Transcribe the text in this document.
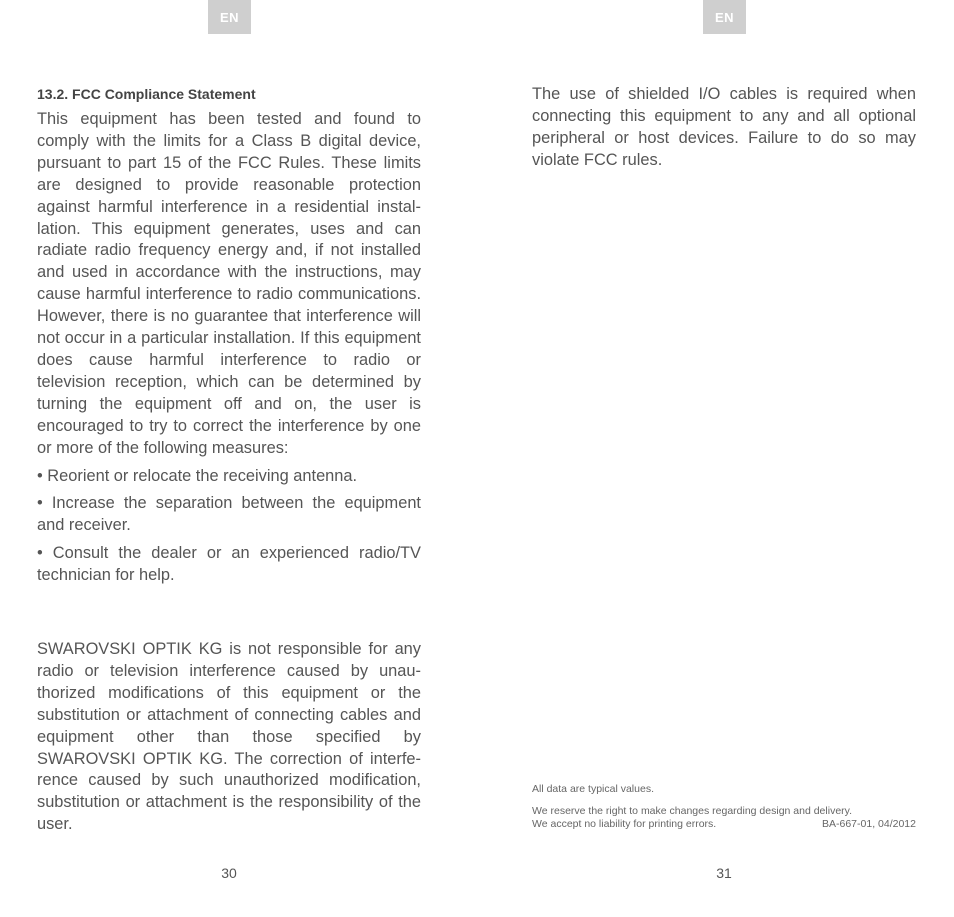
EN	EN
13.2. FCC Compliance Statement

This equipment has been tested and found to comply with the limits for a Class B digital device, pursuant to part 15 of the FCC Rules. These limits are designed to provide reasonable protection against harmful interference in a residential installation. This equipment generates, uses and can radiate radio frequency energy and, if not installed and used in accordance with the instructions, may cause harmful interference to radio communications. However, there is no guarantee that interference will not occur in a particular installation. If this equipment does cause harmful interference to radio or television reception, which can be determined by turning the equipment off and on, the user is encouraged to try to correct the interference by one or more of the following measures:

• Reorient or relocate the receiving antenna.

• Increase the separation between the equipment and receiver.

• Consult the dealer or an experienced radio/TV technician for help.

SWAROVSKI OPTIK KG is not responsible for any radio or television interference caused by unauthorized modifications of this equipment or the substitution or attachment of connecting cables and equipment other than those specified by SWAROVSKI OPTIK KG. The correction of interference caused by such unauthorized modification, substitution or attachment is the responsibility of the user.

The use of shielded I/O cables is required when connecting this equipment to any and all optional peripheral or host devices. Failure to do so may violate FCC rules.

All data are typical values.
We reserve the right to make changes regarding design and delivery.
We accept no liability for printing errors.	BA-667-01, 04/2012
30	31
